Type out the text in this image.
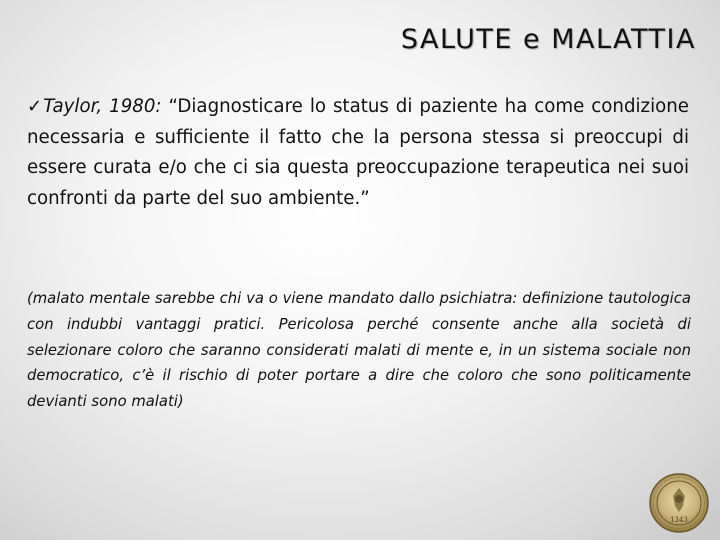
SALUTE e MALATTIA
✓Taylor, 1980: “Diagnosticare lo status di paziente ha come condizione necessaria e sufficiente il fatto che la persona stessa si preoccupi di essere curata e/o che ci sia questa preoccupazione terapeutica nei suoi confronti da parte del suo ambiente.”
(malato mentale sarebbe chi va o viene mandato dallo psichiatra: definizione tautologica con indubbi vantaggi pratici. Pericolosa perché consente anche alla società di selezionare coloro che saranno considerati malati di mente e, in un sistema sociale non democratico, c’è il rischio di poter portare a dire che coloro che sono politicamente devianti sono malati)
1343
